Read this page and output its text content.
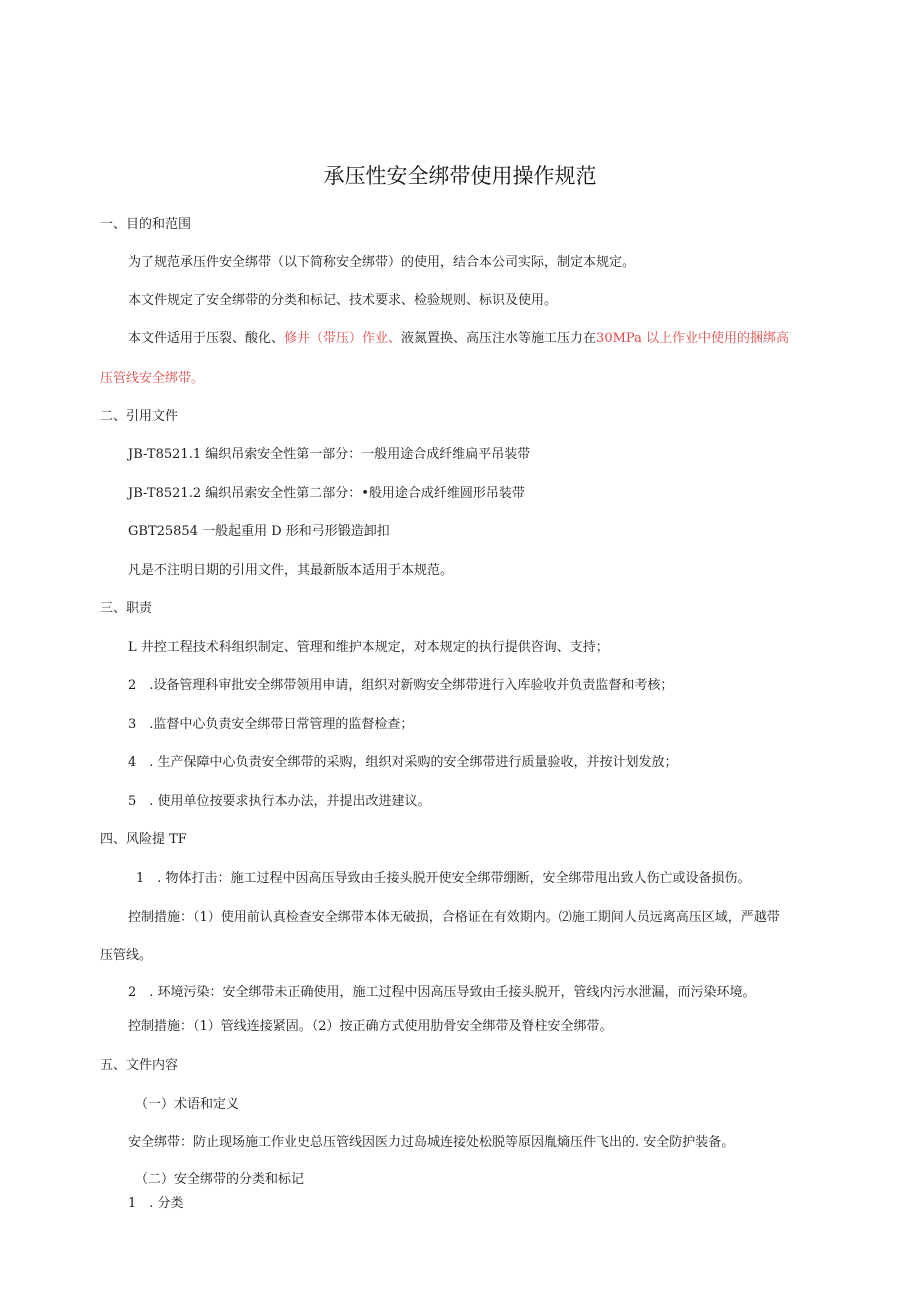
承压性安全绑带使用操作规范
一、目的和范围
为了规范承压件安全绑带（以下简称安全绑带）的使用，结合本公司实际，制定本规定。
本文件规定了安全绑带的分类和标记、技术要求、检验规则、标识及使用。
本文件适用于压裂、酸化、修井（带压）作业、液氮置换、高压注水等施工压力在30MPa 以上作业中使用的捆绑高
压管线安全绑带。
二、引用文件
JB-T8521.1 编织吊索安全性第一部分：一般用途合成纤维扁平吊装带
JB-T8521.2 编织吊索安全性第二部分：•般用途合成纤维圆形吊装带
GBT25854 一般起重用 D 形和弓形锻造卸扣
凡是不注明日期的引用文件，其最新版本适用于本规范。
三、职责
L 井控工程技术科组织制定、管理和维护本规定，对本规定的执行提供咨询、支持；
2　.设备管理科审批安全绑带领用申请，组织对新购安全绑带进行入库验收并负责监督和考核；
3　.监督中心负责安全绑带日常管理的监督检查；
4　. 生产保障中心负责安全绑带的采购，组织对采购的安全绑带进行质量验收，并按计划发放；
5　. 使用单位按要求执行本办法，并提出改进建议。
四、风险提 TF
1　. 物体打击：施工过程中因高压导致由壬接头脱开使安全绑带绷断，安全绑带甩出致人伤亡或设备损伤。
控制措施：（1）使用前认真检查安全绑带本体无破损，合格证在有效期内。⑵施工期间人员远离高压区域，严越带
压管线。
2　. 环境污染：安全绑带未正确使用，施工过程中因高压导致由壬接头脱开，管线内污水泄漏，而污染环境。
控制措施：（1）管线连接紧固。（2）按正确方式使用肋骨安全绑带及脊柱安全绑带。
五、文件内容
（一）术语和定义
安全绑带：防止现场施工作业史总压管线因医力过岛城连接处松脱等原因胤熵压件飞出的. 安全防护装备。
（二）安全绑带的分类和标记
1　. 分类
